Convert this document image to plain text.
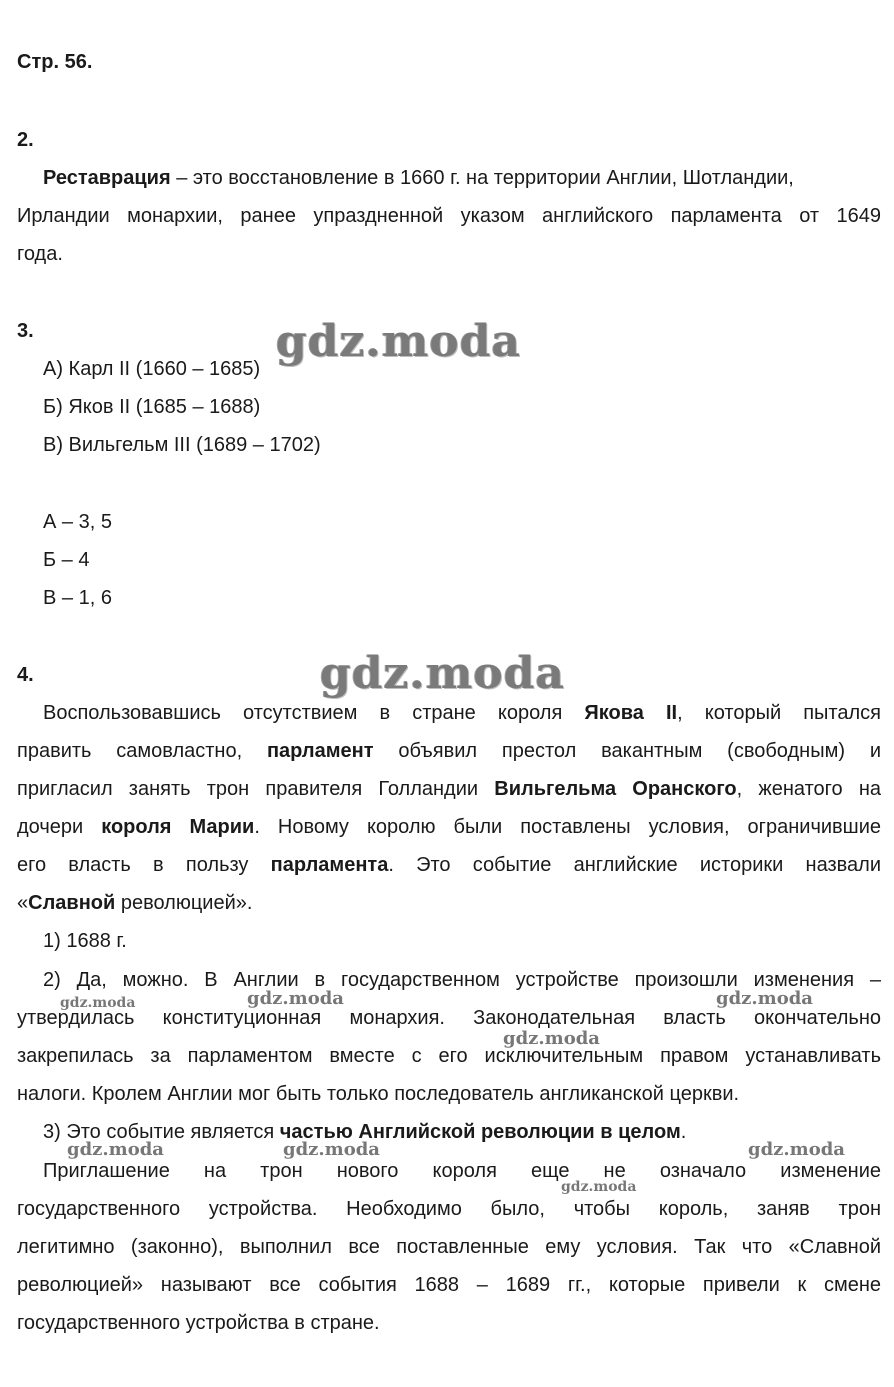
Стр. 56.
2.
Реставрация – это восстановление в 1660 г. на территории Англии, Шотландии,
Ирландии монархии, ранее упраздненной указом английского парламента от 1649
года.
3.
А) Карл II (1660 – 1685)
Б) Яков II (1685 – 1688)
В) Вильгельм III (1689 – 1702)
А – 3, 5
Б – 4
В – 1, 6
4.
Воспользовавшись отсутствием в стране короля Якова II, который пытался
править самовластно, парламент объявил престол вакантным (свободным) и
пригласил занять трон правителя Голландии Вильгельма Оранского, женатого на
дочери короля Марии. Новому королю были поставлены условия, ограничившие
его власть в пользу парламента. Это событие английские историки назвали
«Славной революцией».
1) 1688 г.
2) Да, можно. В Англии в государственном устройстве произошли изменения –
утвердилась конституционная монархия. Законодательная власть окончательно
закрепилась за парламентом вместе с его исключительным правом устанавливать
налоги. Кролем Англии мог быть только последователь англиканской церкви.
3) Это событие является частью Английской революции в целом.
Приглашение на трон нового короля еще не означало изменение
государственного устройства. Необходимо было, чтобы король, заняв трон
легитимно (законно), выполнил все поставленные ему условия. Так что «Славной
революцией» называют все события 1688 – 1689 гг., которые привели к смене
государственного устройства в стране.
gdz.moda
gdz.moda
gdz.moda	gdz.moda	gdz.moda
gdz.moda
gdz.moda	gdz.moda	gdz.moda
gdz.moda
